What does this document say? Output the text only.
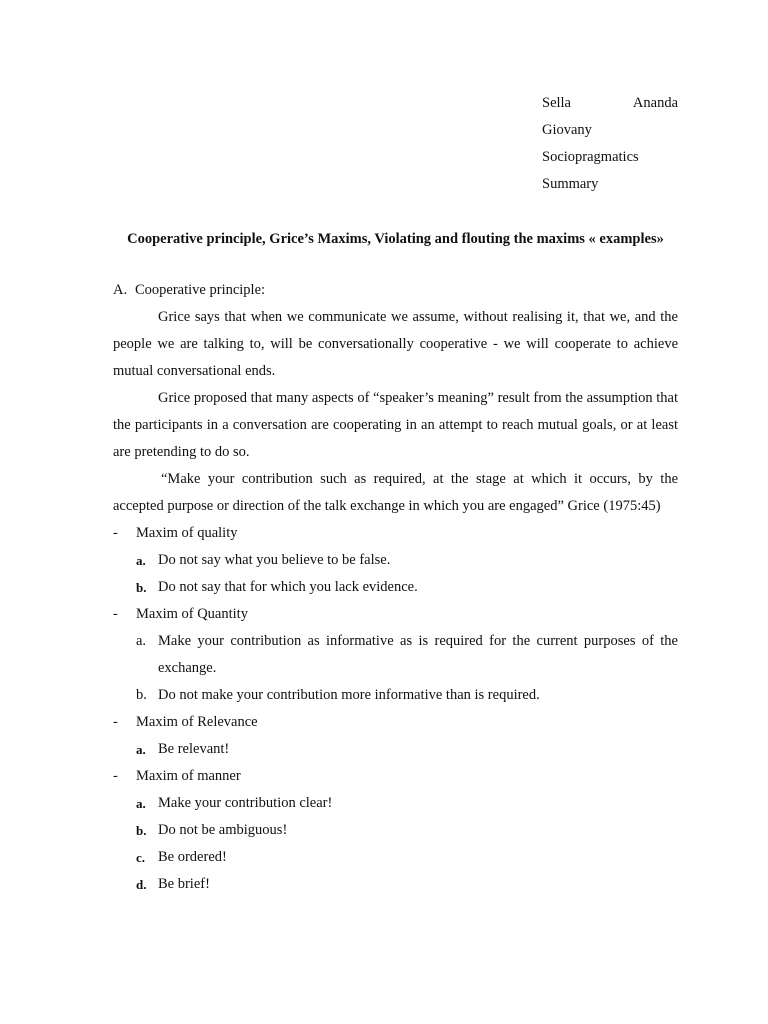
Sella	Ananda
Giovany
Sociopragmatics
Summary
Cooperative principle, Grice’s Maxims, Violating and flouting the maxims « examples»
A. Cooperative principle:

Grice says that when we communicate we assume, without realising it, that we, and the people we are talking to, will be conversationally cooperative - we will cooperate to achieve mutual conversational ends.

Grice proposed that many aspects of “speaker’s meaning” result from the assumption that the participants in a conversation are cooperating in an attempt to reach mutual goals, or at least are pretending to do so.

“Make your contribution such as required, at the stage at which it occurs, by the accepted purpose or direction of the talk exchange in which you are engaged” Grice (1975:45)

-	Maxim of quality
a. Do not say what you believe to be false.
b. Do not say that for which you lack evidence.
-	Maxim of Quantity
a. Make your contribution as informative as is required for the current purposes of the exchange.
b. Do not make your contribution more informative than is required.
-	Maxim of Relevance
a. Be relevant!
-	Maxim of manner
a. Make your contribution clear!
b. Do not be ambiguous!
c. Be ordered!
d. Be brief!
